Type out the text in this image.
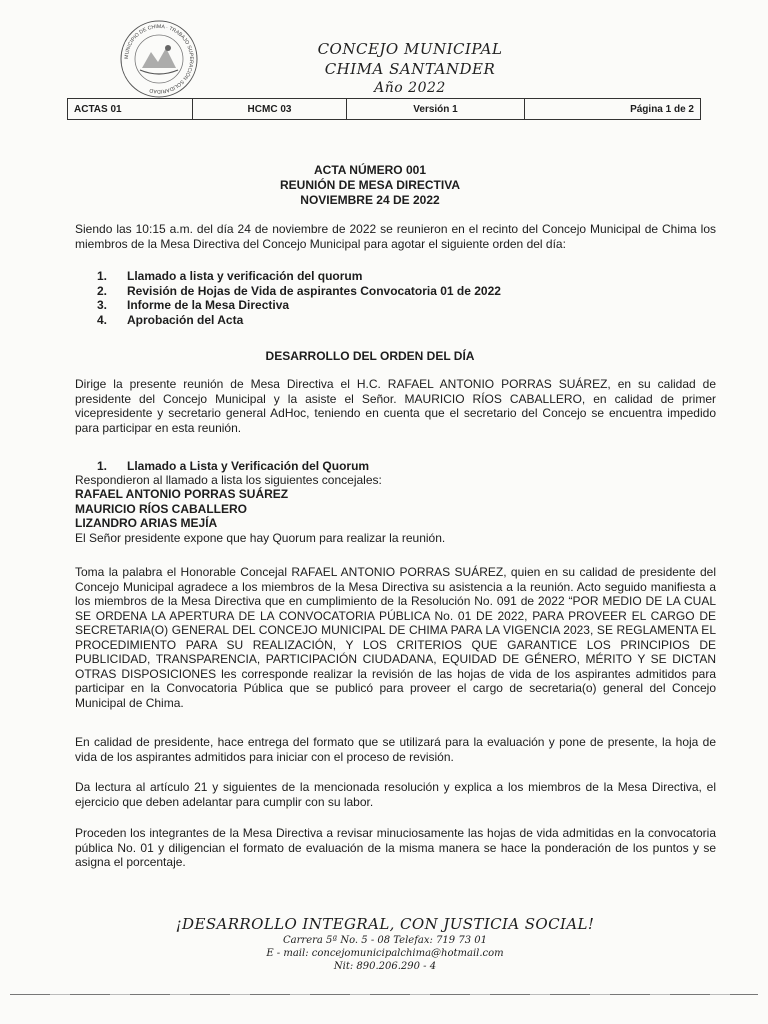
MUNICIPIO DE CHIMA · TRABAJO SUPERACIÓN SOLIDARIDAD
CONCEJO MUNICIPAL
CHIMA SANTANDER
Año 2022
ACTAS 01	HCMC 03	Versión 1	Página 1 de 2
ACTA NÚMERO 001
REUNIÓN DE MESA DIRECTIVA
NOVIEMBRE 24 DE 2022

Siendo las 10:15 a.m. del día 24 de noviembre de 2022 se reunieron en el recinto del Concejo Municipal de Chima los miembros de la Mesa Directiva del Concejo Municipal para agotar el siguiente orden del día:

1.	Llamado a lista y verificación del quorum
2.	Revisión de Hojas de Vida de aspirantes Convocatoria 01 de 2022
3.	Informe de la Mesa Directiva
4.	Aprobación del Acta
DESARROLLO DEL ORDEN DEL DÍA

Dirige la presente reunión de Mesa Directiva el H.C. RAFAEL ANTONIO PORRAS SUÁREZ, en su calidad de presidente del Concejo Municipal y la asiste el Señor. MAURICIO RÍOS CABALLERO, en calidad de primer vicepresidente y secretario general AdHoc, teniendo en cuenta que el secretario del Concejo se encuentra impedido para participar en esta reunión.

1.	Llamado a Lista y Verificación del Quorum

Respondieron al llamado a lista los siguientes concejales:

RAFAEL ANTONIO PORRAS SUÁREZ
MAURICIO RÍOS CABALLERO
LIZANDRO ARIAS MEJÍA

El Señor presidente expone que hay Quorum para realizar la reunión.

Toma la palabra el Honorable Concejal RAFAEL ANTONIO PORRAS SUÁREZ, quien en su calidad de presidente del Concejo Municipal agradece a los miembros de la Mesa Directiva su asistencia a la reunión. Acto seguido manifiesta a los miembros de la Mesa Directiva que en cumplimiento de la Resolución No. 091 de 2022 “POR MEDIO DE LA CUAL SE ORDENA LA APERTURA DE LA CONVOCATORIA PÚBLICA No. 01 DE 2022, PARA PROVEER EL CARGO DE SECRETARIA(O) GENERAL DEL CONCEJO MUNICIPAL DE CHIMA PARA LA VIGENCIA 2023, SE REGLAMENTA EL PROCEDIMIENTO PARA SU REALIZACIÓN, Y LOS CRITERIOS QUE GARANTICE LOS PRINCIPIOS DE PUBLICIDAD, TRANSPARENCIA, PARTICIPACIÓN CIUDADANA, EQUIDAD DE GÉNERO, MÉRITO Y SE DICTAN OTRAS DISPOSICIONES les corresponde realizar la revisión de las hojas de vida de los aspirantes admitidos para participar en la Convocatoria Pública que se publicó para proveer el cargo de secretaria(o) general del Concejo Municipal de Chima.

En calidad de presidente, hace entrega del formato que se utilizará para la evaluación y pone de presente, la hoja de vida de los aspirantes admitidos para iniciar con el proceso de revisión.

Da lectura al artículo 21 y siguientes de la mencionada resolución y explica a los miembros de la Mesa Directiva, el ejercicio que deben adelantar para cumplir con su labor.

Proceden los integrantes de la Mesa Directiva a revisar minuciosamente las hojas de vida admitidas en la convocatoria pública No. 01 y diligencian el formato de evaluación de la misma manera se hace la ponderación de los puntos y se asigna el porcentaje.

¡DESARROLLO INTEGRAL, CON JUSTICIA SOCIAL!
Carrera 5ª No. 5 - 08 Telefax: 719 73 01
E - mail: concejomunicipalchima@hotmail.com
Nit: 890.206.290 - 4
